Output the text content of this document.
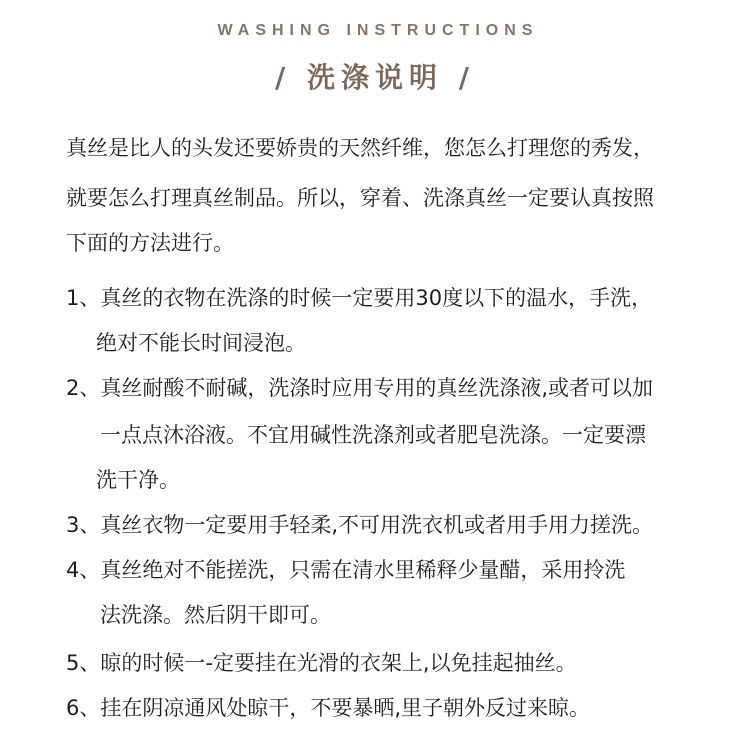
WASHING INSTRUCTIONS
/ 洗涤说明 /
真丝是比人的头发还要娇贵的天然纤维，您怎么打理您的秀发，
就要怎么打理真丝制品。所以，穿着、洗涤真丝一定要认真按照
下面的方法进行。
1、真丝的衣物在洗涤的时候一定要用30度以下的温水，手洗，
绝对不能长时间浸泡。
2、真丝耐酸不耐碱，洗涤时应用专用的真丝洗涤液,或者可以加
一点点沐浴液。不宜用碱性洗涤剂或者肥皂洗涤。一定要漂
洗干净。
3、真丝衣物一定要用手轻柔,不可用洗衣机或者用手用力搓洗。
4、真丝绝对不能搓洗，只需在清水里稀释少量醋，采用拎洗
法洗涤。然后阴干即可。
5、晾的时候一-定要挂在光滑的衣架上,以免挂起抽丝。
6、挂在阴凉通风处晾干，不要暴晒,里子朝外反过来晾。
